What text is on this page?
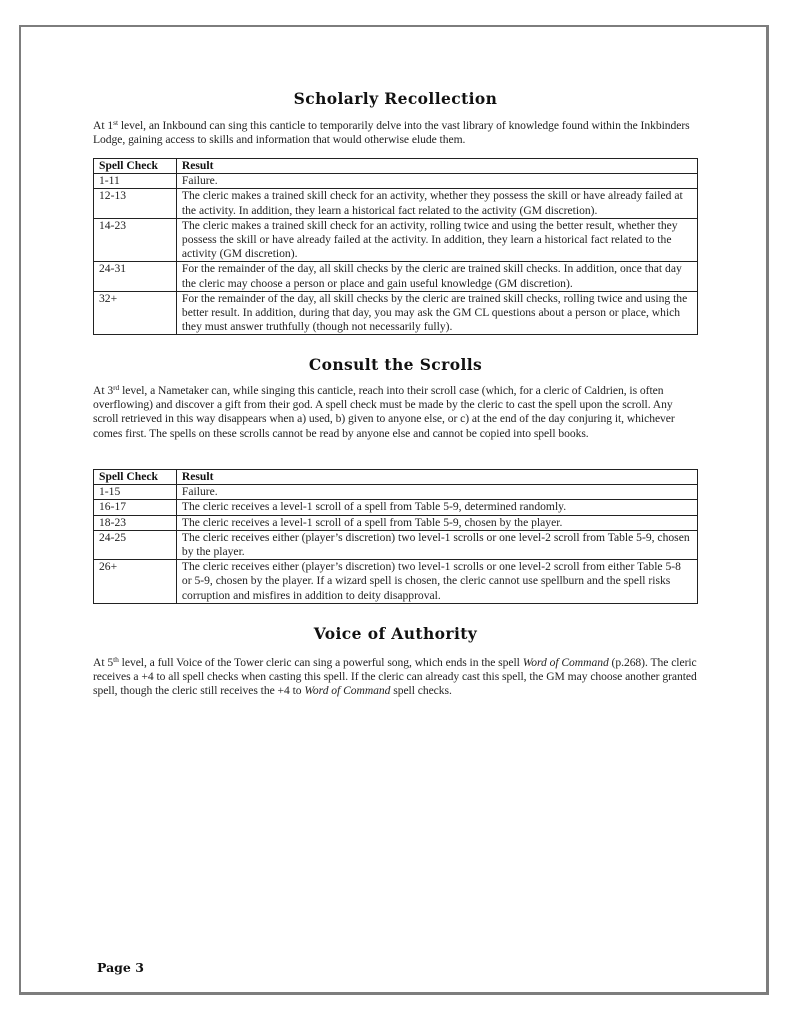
Scholarly Recollection

At 1st level, an Inkbound can sing this canticle to temporarily delve into the vast library of knowledge found within the Inkbinders Lodge, gaining access to skills and information that would otherwise elude them.

Spell Check	Result
1-11	Failure.
12-13	The cleric makes a trained skill check for an activity, whether they possess the skill or have already failed at the activity. In addition, they learn a historical fact related to the activity (GM discretion).
14-23	The cleric makes a trained skill check for an activity, rolling twice and using the better result, whether they possess the skill or have already failed at the activity. In addition, they learn a historical fact related to the activity (GM discretion).
24-31	For the remainder of the day, all skill checks by the cleric are trained skill checks. In addition, once that day the cleric may choose a person or place and gain useful knowledge (GM discretion).
32+	For the remainder of the day, all skill checks by the cleric are trained skill checks, rolling twice and using the better result. In addition, during that day, you may ask the GM CL questions about a person or place, which they must answer truthfully (though not necessarily fully).
Consult the Scrolls

At 3rd level, a Nametaker can, while singing this canticle, reach into their scroll case (which, for a cleric of Caldrien, is often overflowing) and discover a gift from their god. A spell check must be made by the cleric to cast the spell upon the scroll. Any scroll retrieved in this way disappears when a) used, b) given to anyone else, or c) at the end of the day conjuring it, whichever comes first. The spells on these scrolls cannot be read by anyone else and cannot be copied into spell books.

Spell Check	Result
1-15	Failure.
16-17	The cleric receives a level-1 scroll of a spell from Table 5-9, determined randomly.
18-23	The cleric receives a level-1 scroll of a spell from Table 5-9, chosen by the player.
24-25	The cleric receives either (player’s discretion) two level-1 scrolls or one level-2 scroll from Table 5-9, chosen by the player.
26+	The cleric receives either (player’s discretion) two level-1 scrolls or one level-2 scroll from either Table 5-8 or 5-9, chosen by the player. If a wizard spell is chosen, the cleric cannot use spellburn and the spell risks corruption and misfires in addition to deity disapproval.
Voice of Authority

At 5th level, a full Voice of the Tower cleric can sing a powerful song, which ends in the spell Word of Command (p.268). The cleric receives a +4 to all spell checks when casting this spell. If the cleric can already cast this spell, the GM may choose another granted spell, though the cleric still receives the +4 to Word of Command spell checks.

Page 3
